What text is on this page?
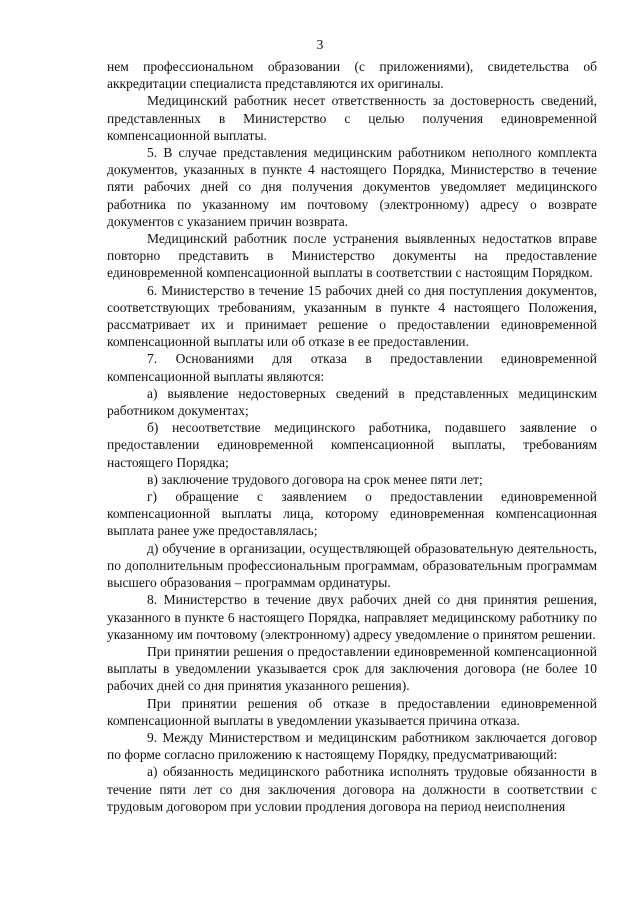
3

нем профессиональном образовании (с приложениями), свидетельства об аккредитации специалиста представляются их оригиналы.

Медицинский работник несет ответственность за достоверность сведений, представленных в Министерство с целью получения единовременной компенсационной выплаты.

5. В случае представления медицинским работником неполного комплекта документов, указанных в пункте 4 настоящего Порядка, Министерство в течение пяти рабочих дней со дня получения документов уведомляет медицинского работника по указанному им почтовому (электронному) адресу о возврате документов с указанием причин возврата.

Медицинский работник после устранения выявленных недостатков вправе повторно представить в Министерство документы на предоставление единовременной компенсационной выплаты в соответствии с настоящим Порядком.

6. Министерство в течение 15 рабочих дней со дня поступления документов, соответствующих требованиям, указанным в пункте 4 настоящего Положения, рассматривает их и принимает решение о предоставлении единовременной компенсационной выплаты или об отказе в ее предоставлении.

7. Основаниями для отказа в предоставлении единовременной компенсационной выплаты являются:

а) выявление недостоверных сведений в представленных медицинским работником документах;

б) несоответствие медицинского работника, подавшего заявление о предоставлении единовременной компенсационной выплаты, требованиям настоящего Порядка;

в) заключение трудового договора на срок менее пяти лет;

г) обращение с заявлением о предоставлении единовременной компенсационной выплаты лица, которому единовременная компенсационная выплата ранее уже предоставлялась;

д) обучение в организации, осуществляющей образовательную деятельность, по дополнительным профессиональным программам, образовательным программам высшего образования – программам ординатуры.

8. Министерство в течение двух рабочих дней со дня принятия решения, указанного в пункте 6 настоящего Порядка, направляет медицинскому работнику по указанному им почтовому (электронному) адресу уведомление о принятом решении.

При принятии решения о предоставлении единовременной компенсационной выплаты в уведомлении указывается срок для заключения договора (не более 10 рабочих дней со дня принятия указанного решения).

При принятии решения об отказе в предоставлении единовременной компенсационной выплаты в уведомлении указывается причина отказа.

9. Между Министерством и медицинским работником заключается договор по форме согласно приложению к настоящему Порядку, предусматривающий:

а) обязанность медицинского работника исполнять трудовые обязанности в течение пяти лет со дня заключения договора на должности в соответствии с трудовым договором при условии продления договора на период неисполнения
